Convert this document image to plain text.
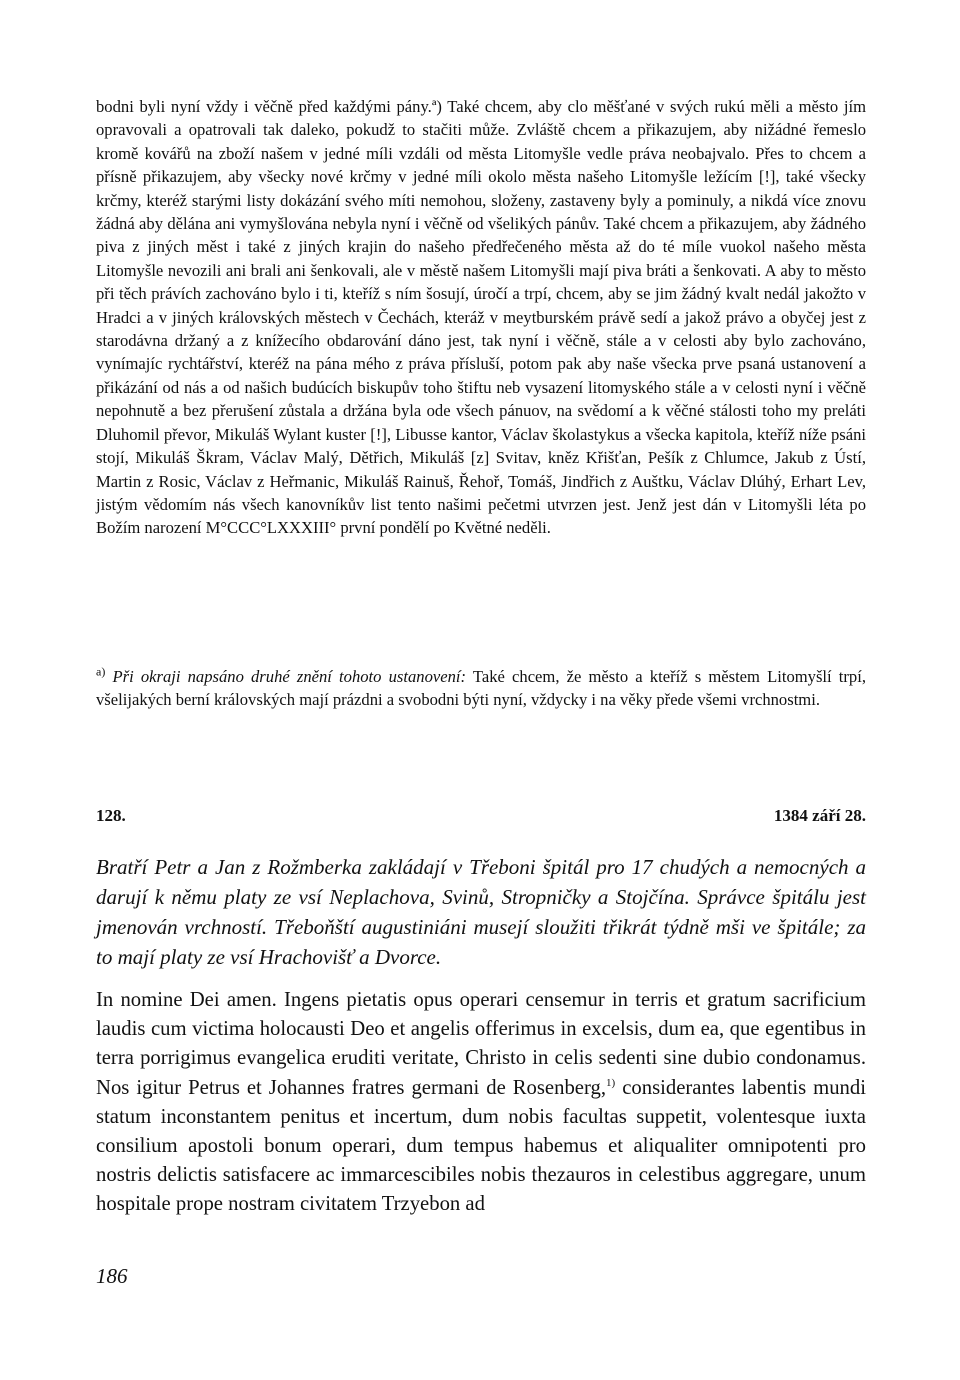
bodni byli nyní vždy i věčně před každými pány.ª) Také chcem, aby clo měšťané v svých rukú měli a město jím opravovali a opatrovali tak daleko, pokudž to stačiti může. Zvláště chcem a přikazujem, aby nižádné řemeslo kromě kovářů na zboží našem v jedné míli vzdáli od města Litomyšle vedle práva neobajvalo. Přes to chcem a přísně přikazujem, aby všecky nové krčmy v jedné míli okolo města našeho Litomyšle ležícím [!], také všecky krčmy, kteréž starými listy dokázání svého míti nemohou, složeny, zastaveny byly a pominuly, a nikdá více znovu žádná aby dělána ani vymyšlována nebyla nyní i věčně od všelikých pánův. Také chcem a přikazujem, aby žádného piva z jiných měst i také z jiných krajin do našeho předřečeného města až do té míle vuokol našeho města Litomyšle nevozili ani brali ani šenkovali, ale v městě našem Litomyšli mají piva bráti a šenkovati. A aby to město při těch právích zachováno bylo i ti, kteříž s ním šosují, úročí a trpí, chcem, aby se jim žádný kvalt nedál jakožto v Hradci a v jiných královských městech v Čechách, kteráž v meytburském právě sedí a jakož právo a obyčej jest z starodávna držaný a z knížecího obdarování dáno jest, tak nyní i věčně, stále a v celosti aby bylo zachováno, vynímajíc rychtářství, kteréž na pána mého z práva přísluší, potom pak aby naše všecka prve psaná ustanovení a přikázání od nás a od našich budúcích biskupův toho štiftu neb vysazení litomyského stále a v celosti nyní i věčně nepohnutě a bez přerušení zůstala a držána byla ode všech pánuov, na svědomí a k věčné stálosti toho my preláti Dluhomil převor, Mikuláš Wylant kuster [!], Libusse kantor, Václav školastykus a všecka kapitola, kteříž níže psáni stojí, Mikuláš Škram, Václav Malý, Dětřich, Mikuláš [z] Svitav, kněz Křišťan, Pešík z Chlumce, Jakub z Ústí, Martin z Rosic, Václav z Heřmanic, Mikuláš Rainuš, Řehoř, Tomáš, Jindřich z Auštku, Václav Dlúhý, Erhart Lev, jistým vědomím nás všech kanovníkův list tento našimi pečetmi utvrzen jest. Jenž jest dán v Litomyšli léta po Božím narození M°CCC°LXXXIII° první pondělí po Květné neděli.

$^{a)}$ Při okraji napsáno druhé znění tohoto ustanovení: Také chcem, že město a kteříž s městem Litomyšlí trpí, všelijakých berní královských mají prázdni a svobodni býti nyní, vždycky i na věky přede všemi vrchnostmi.

128.	1384 září 28.
Bratří Petr a Jan z Rožmberka zakládají v Třeboni špitál pro 17 chudých a nemocných a darují k němu platy ze vsí Neplachova, Svinů, Stropničky a Stojčína. Správce špitálu jest jmenován vrchností. Třeboňští augustiniáni musejí sloužiti třikrát týdně mši ve špitále; za to mají platy ze vsí Hrachovišť a Dvorce.

In nomine Dei amen. Ingens pietatis opus operari censemur in terris et gratum sacrificium laudis cum victima holocausti Deo et angelis offerimus in excelsis, dum ea, que egentibus in terra porrigimus evangelica eruditi veritate, Christo in celis sedenti sine dubio condonamus. Nos igitur Petrus et Johannes fratres germani de Rosenberg,$^{1)}$ considerantes labentis mundi statum inconstantem penitus et incertum, dum nobis facultas suppetit, volentesque iuxta consilium apostoli bonum operari, dum tempus habemus et aliqualiter omnipotenti pro nostris delictis satisfacere ac immarcescibiles nobis thezauros in celestibus aggregare, unum hospitale prope nostram civitatem Trzyebon ad

186
